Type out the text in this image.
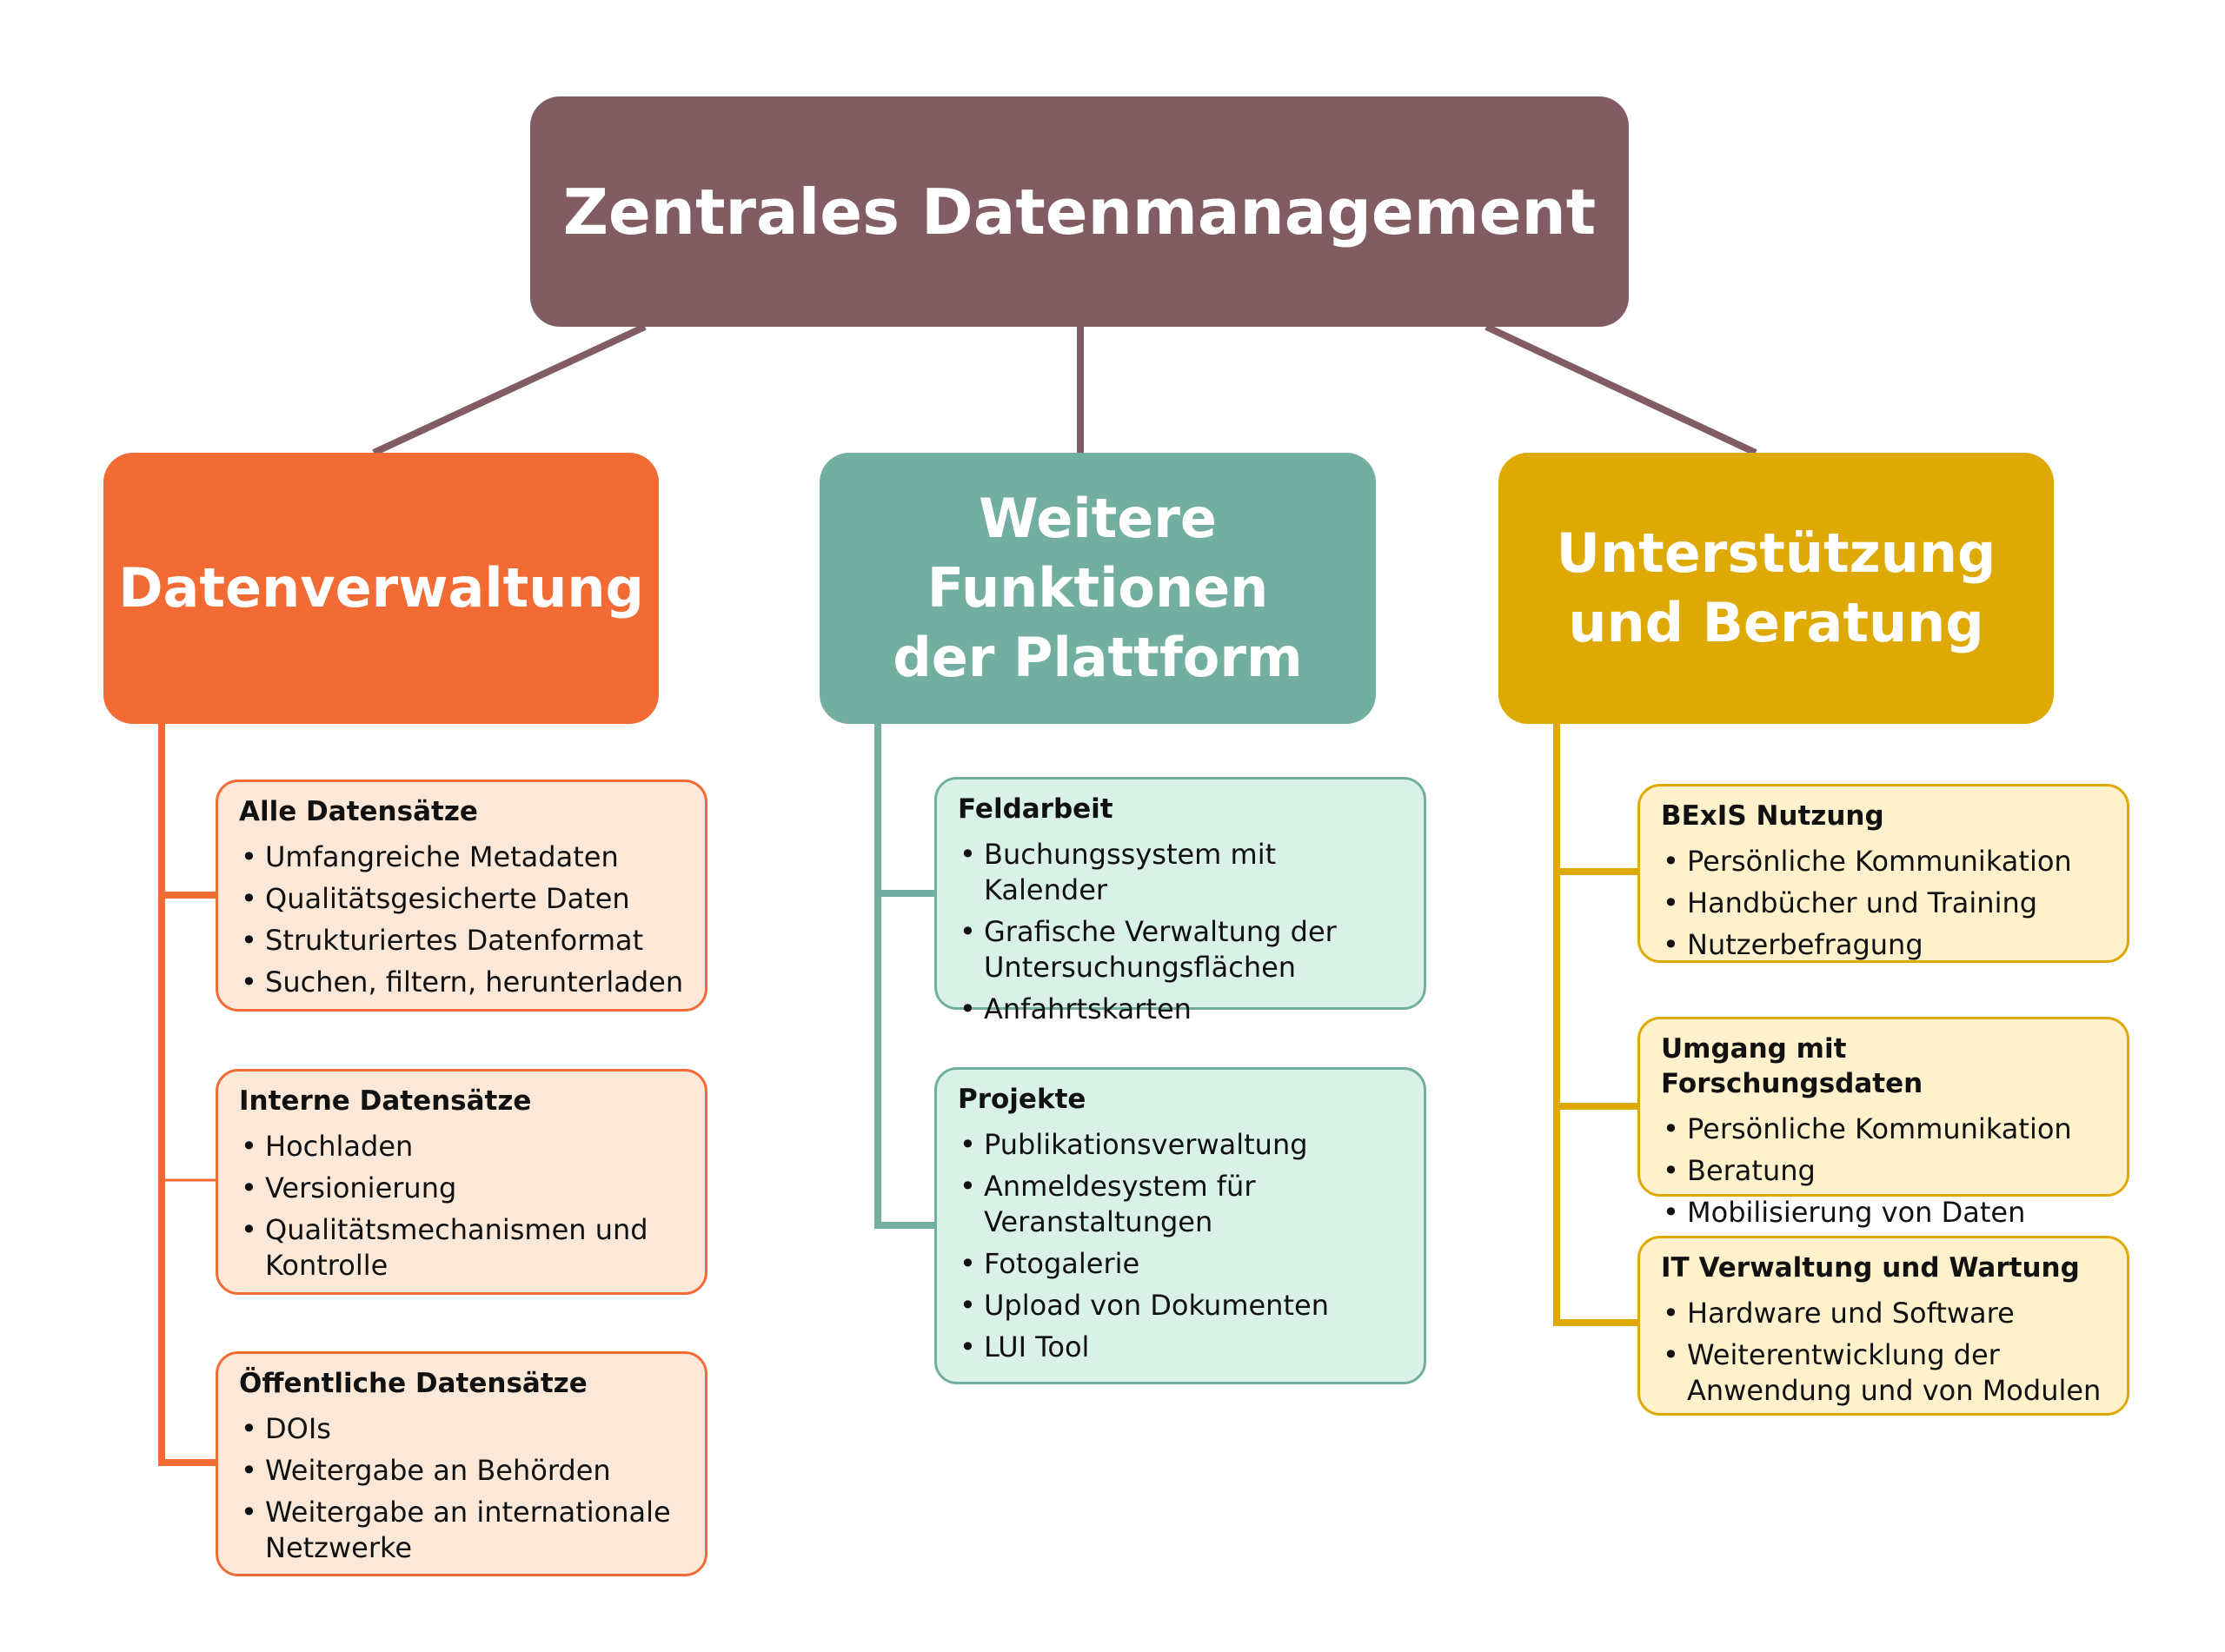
Zentrales Datenmanagement
Datenverwaltung
Weitere Funktionen der Plattform
Unterstützung und Beratung
Alle Datensätze
• Umfangreiche Metadaten
• Qualitätsgesicherte Daten
• Strukturiertes Datenformat
• Suchen, filtern, herunterladen
Interne Datensätze
• Hochladen
• Versionierung
• Qualitätsmechanismen und Kontrolle
Öffentliche Datensätze
• DOIs
• Weitergabe an Behörden
• Weitergabe an internationale Netzwerke
Feldarbeit
• Buchungssystem mit Kalender
• Grafische Verwaltung der Untersuchungsflächen
• Anfahrtskarten
Projekte
• Publikationsverwaltung
• Anmeldesystem für Veranstaltungen
• Fotogalerie
• Upload von Dokumenten
• LUI Tool
BExIS Nutzung
• Persönliche Kommunikation
• Handbücher und Training
• Nutzerbefragung
Umgang mit Forschungsdaten
• Persönliche Kommunikation
• Beratung
• Mobilisierung von Daten
IT Verwaltung und Wartung
• Hardware und Software
• Weiterentwicklung der Anwendung und von Modulen
